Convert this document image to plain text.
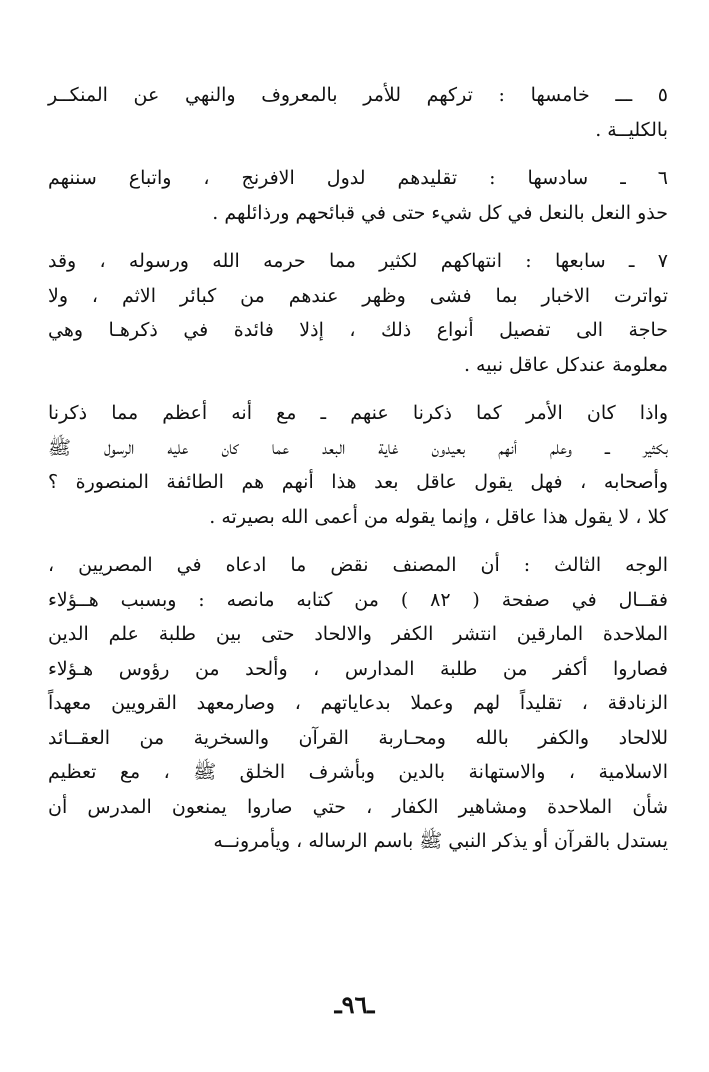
٥ ـــ خامسها : تركهم للأمر بالمعروف والنهي عن المنكــر
بالكليــة .

٦ ـ سادسها : تقليدهم لدول الافرنج ، واتباع سننهم
حذو النعل بالنعل في كل شيء حتى في قبائحهم ورذائلهم .

٧ ـ سابعها : انتهاكهم لكثير مما حرمه الله ورسوله ، وقد
تواترت الاخبار بما فشى وظهر عندهم من كبائر الاثم ، ولا
حاجة الى تفصيل أنواع ذلك ، إذلا فائدة في ذكرهـا وهي
معلومة عندكل عاقل نبيه .

واذا كان الأمر كما ذكرنا عنهم ـ مع أنه أعظم مما ذكرنا
بكثير ــ وعلم أنهم بعيدون غاية البعد عما كان عليه الرسول ﷺ
وأصحابه ، فهل يقول عاقل بعد هذا أنهم هم الطائفة المنصورة ؟
كلا ، لا يقول هذا عاقل ، وإنما يقوله من أعمى الله بصيرته .

الوجه الثالث : أن المصنف نقض ما ادعاه في المصريين ،
فقــال في صفحة ( ٨٢ ) من كتابه مانصه : وبسبب هــؤلاء
الملاحدة المارقين انتشر الكفر والالحاد حتى بين طلبة علم الدين
فصاروا أكفر من طلبة المدارس ، وألحد من رؤوس هـؤلاء
الزنادقة ، تقليداً لهم وعملا بدعاياتهم ، وصارمعهد القرويين معهداً
للالحاد والكفر بالله ومحـاربة القرآن والسخرية من العقــائد
الاسلامية ، والاستهانة بالدين وبأشرف الخلق ﷺ ، مع تعظيم
شأن الملاحدة ومشاهير الكفار ، حتي صاروا يمنعون المدرس أن
يستدل بالقرآن أو يذكر النبي ﷺ باسم الرساله ، ويأمرونــه

ـ٩٦ـ
